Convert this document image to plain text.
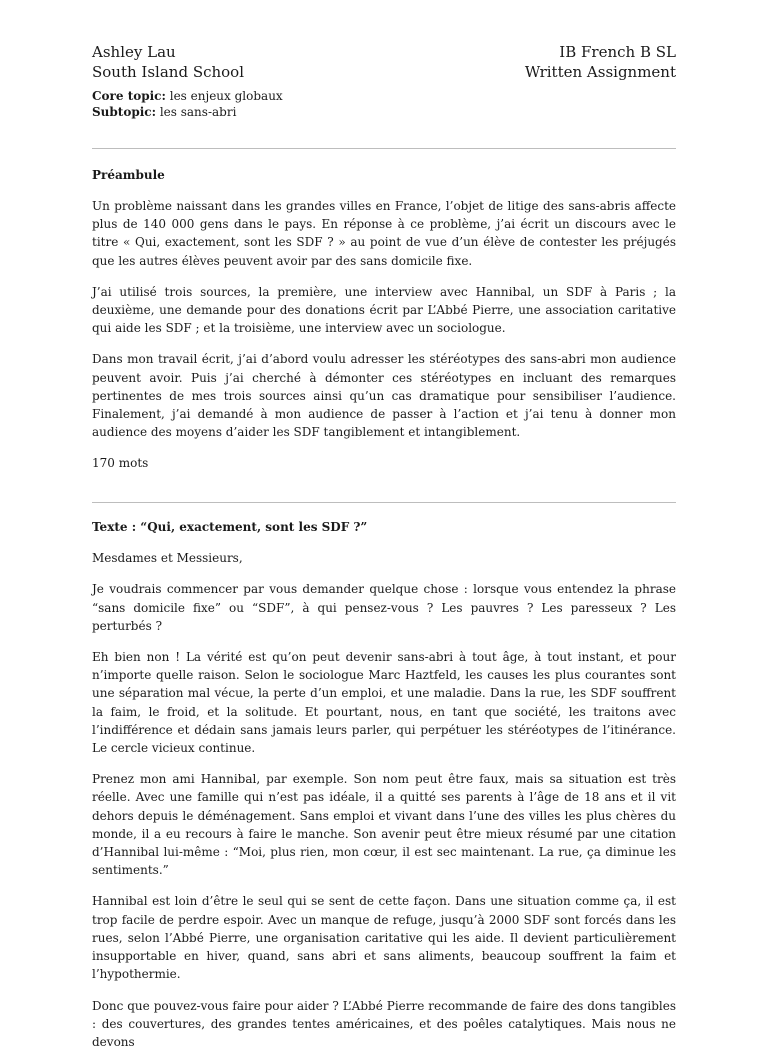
Ashley Lau	IB French B SL
South Island School	Written Assignment
Core topic: les enjeux globaux
Subtopic: les sans-abri
Préambule

Un problème naissant dans les grandes villes en France, l’objet de litige des sans-abris affecte plus de 140 000 gens dans le pays. En réponse à ce problème, j’ai écrit un discours avec le titre « Qui, exactement, sont les SDF ? » au point de vue d’un élève de contester les préjugés que les autres élèves peuvent avoir par des sans domicile fixe.

J’ai utilisé trois sources, la première, une interview avec Hannibal, un SDF à Paris ; la deuxième, une demande pour des donations écrit par L’Abbé Pierre, une association caritative qui aide les SDF ; et la troisième, une interview avec un sociologue.

Dans mon travail écrit, j’ai d’abord voulu adresser les stéréotypes des sans-abri mon audience peuvent avoir. Puis j’ai cherché à démonter ces stéréotypes en incluant des remarques pertinentes de mes trois sources ainsi qu’un cas dramatique pour sensibiliser l’audience. Finalement, j’ai demandé à mon audience de passer à l’action et j’ai tenu à donner mon audience des moyens d’aider les SDF tangiblement et intangiblement.

170 mots

Texte : “Qui, exactement, sont les SDF ?”

Mesdames et Messieurs,

Je voudrais commencer par vous demander quelque chose : lorsque vous entendez la phrase “sans domicile fixe” ou “SDF”, à qui pensez-vous ? Les pauvres ? Les paresseux ? Les perturbés ?

Eh bien non ! La vérité est qu’on peut devenir sans-abri à tout âge, à tout instant, et pour n’importe quelle raison. Selon le sociologue Marc Haztfeld, les causes les plus courantes sont une séparation mal vécue, la perte d’un emploi, et une maladie. Dans la rue, les SDF souffrent la faim, le froid, et la solitude. Et pourtant, nous, en tant que société, les traitons avec l’indifférence et dédain sans jamais leurs parler, qui perpétuer les stéréotypes de l’itinérance. Le cercle vicieux continue.

Prenez mon ami Hannibal, par exemple. Son nom peut être faux, mais sa situation est très réelle. Avec une famille qui n’est pas idéale, il a quitté ses parents à l’âge de 18 ans et il vit dehors depuis le déménagement. Sans emploi et vivant dans l’une des villes les plus chères du monde, il a eu recours à faire le manche. Son avenir peut être mieux résumé par une citation d’Hannibal lui-même : “Moi, plus rien, mon cœur, il est sec maintenant. La rue, ça diminue les sentiments.”

Hannibal est loin d’être le seul qui se sent de cette façon. Dans une situation comme ça, il est trop facile de perdre espoir. Avec un manque de refuge, jusqu’à 2000 SDF sont forcés dans les rues, selon l’Abbé Pierre, une organisation caritative qui les aide. Il devient particulièrement insupportable en hiver, quand, sans abri et sans aliments, beaucoup souffrent la faim et l’hypothermie.

Donc que pouvez-vous faire pour aider ? L’Abbé Pierre recommande de faire des dons tangibles : des couvertures, des grandes tentes américaines, et des poêles catalytiques. Mais nous ne devons
